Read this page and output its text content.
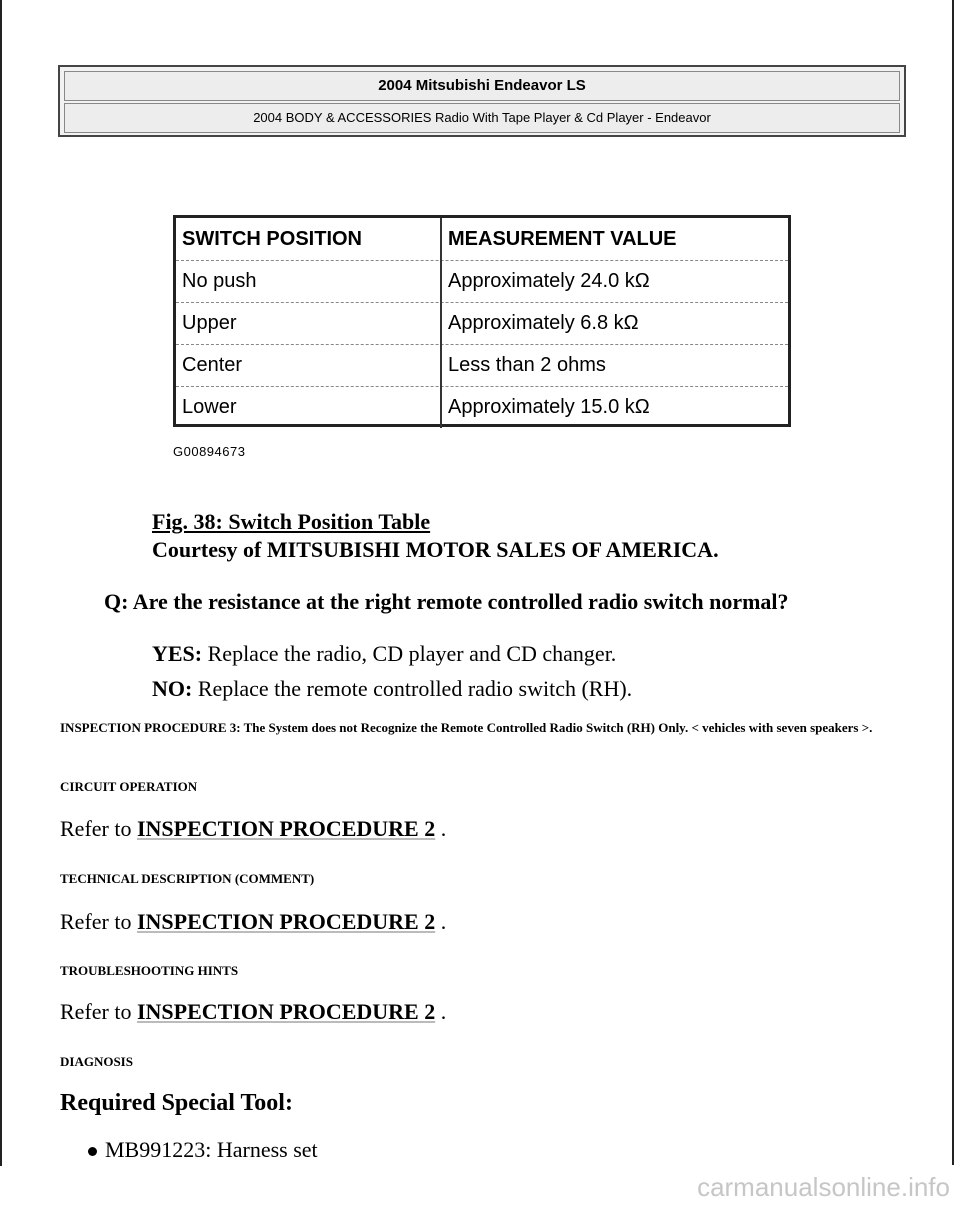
2004 Mitsubishi Endeavor LS
2004 BODY & ACCESSORIES Radio With Tape Player & Cd Player - Endeavor
SWITCH POSITION	MEASUREMENT VALUE
No push	Approximately 24.0 kΩ
Upper	Approximately 6.8 kΩ
Center	Less than 2 ohms
Lower	Approximately 15.0 kΩ
G00894673
Fig. 38: Switch Position Table
Courtesy of MITSUBISHI MOTOR SALES OF AMERICA.
Q: Are the resistance at the right remote controlled radio switch normal?
YES: Replace the radio, CD player and CD changer.
NO: Replace the remote controlled radio switch (RH).
INSPECTION PROCEDURE 3: The System does not Recognize the Remote Controlled Radio Switch (RH) Only. < vehicles with seven speakers >.
CIRCUIT OPERATION
Refer to INSPECTION PROCEDURE 2 .
TECHNICAL DESCRIPTION (COMMENT)
Refer to INSPECTION PROCEDURE 2 .
TROUBLESHOOTING HINTS
Refer to INSPECTION PROCEDURE 2 .
DIAGNOSIS
Required Special Tool:
MB991223: Harness set
carmanualsonline.info
